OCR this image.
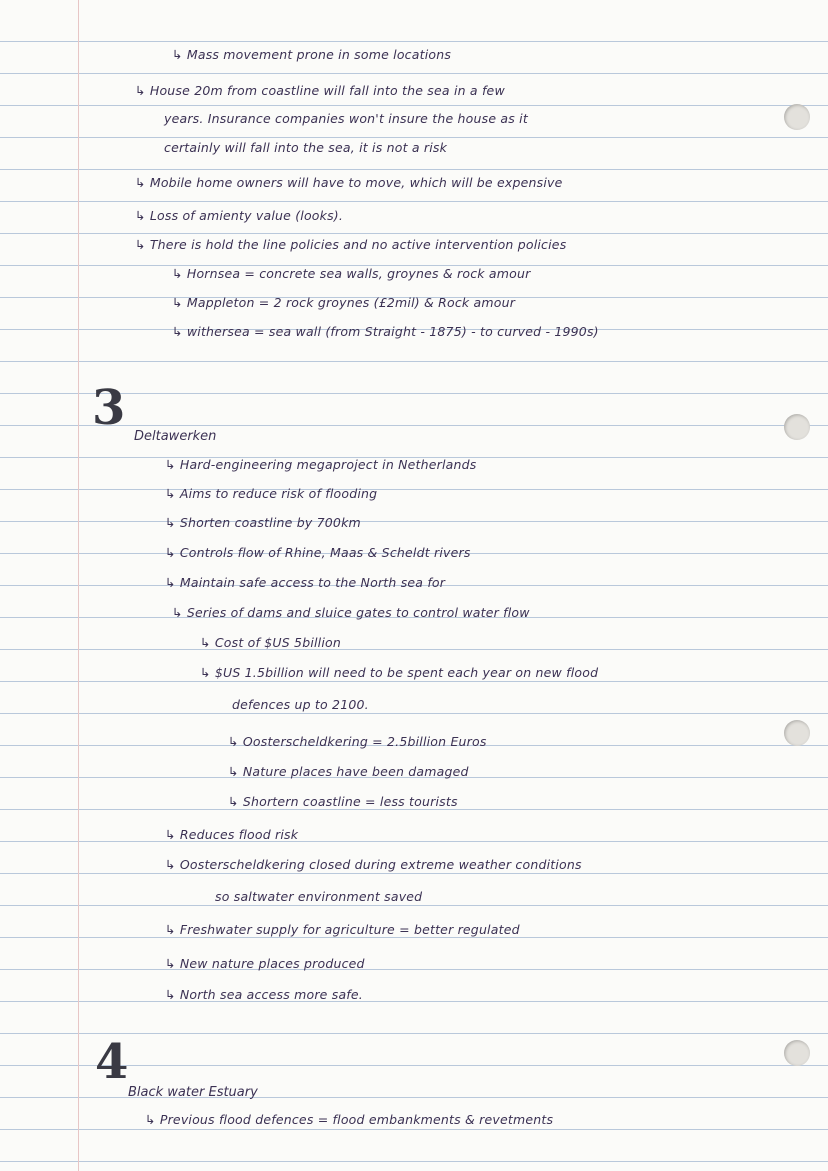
↳ Mass movement prone in some locations
↳ House 20m from coastline will fall into the sea in a few
years. Insurance companies won't insure the house as it
certainly will fall into the sea, it is not a risk
↳ Mobile home owners will have to move, which will be expensive
↳ Loss of amienty value (looks).
↳ There is hold the line policies and no active intervention policies
↳ Hornsea = concrete sea walls, groynes & rock amour
↳ Mappleton = 2 rock groynes (£2mil) & Rock amour
↳ withersea = sea wall (from Straight - 1875) - to curved - 1990s)
3
Deltawerken
↳ Hard-engineering megaproject in Netherlands
↳ Aims to reduce risk of flooding
↳ Shorten coastline by 700km
↳ Controls flow of Rhine, Maas & Scheldt rivers
↳ Maintain safe access to the North sea for
↳ Series of dams and sluice gates to control water flow
↳ Cost of $US 5billion
↳ $US 1.5billion will need to be spent each year on new flood
defences up to 2100.
↳ Oosterscheldkering = 2.5billion Euros
↳ Nature places have been damaged
↳ Shortern coastline = less tourists
↳ Reduces flood risk
↳ Oosterscheldkering closed during extreme weather conditions
so saltwater environment saved
↳ Freshwater supply for agriculture = better regulated
↳ New nature places produced
↳ North sea access more safe.
4
Black water Estuary
↳ Previous flood defences = flood embankments & revetments
